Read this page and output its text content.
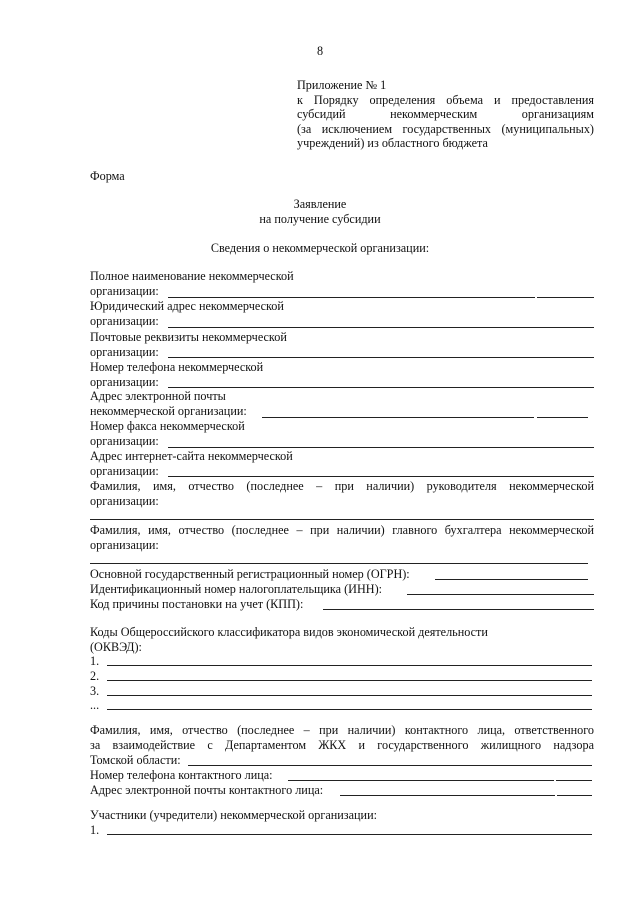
8
Приложение № 1
к Порядку определения объема и предоставления
субсидий некоммерческим организациям
(за исключением государственных (муниципальных)
учреждений) из областного бюджета
Форма
Заявление
на получение субсидии
Сведения о некоммерческой организации:
Полное наименование некоммерческой
организации:
Юридический адрес некоммерческой
организации:
Почтовые реквизиты некоммерческой
организации:
Номер телефона некоммерческой
организации:
Адрес электронной почты
некоммерческой организации:
Номер факса некоммерческой
организации:
Адрес интернет-сайта некоммерческой
организации:
Фамилия, имя, отчество (последнее – при наличии) руководителя некоммерческой
организации:
Фамилия, имя, отчество (последнее – при наличии) главного бухгалтера некоммерческой
организации:
Основной государственный регистрационный номер (ОГРН):
Идентификационный номер налогоплательщика (ИНН):
Код причины постановки на учет (КПП):
Коды Общероссийского классификатора видов экономической деятельности
(ОКВЭД):
1.
2.
3.
...
Фамилия, имя, отчество (последнее – при наличии) контактного лица, ответственного
за взаимодействие с Департаментом ЖКХ и государственного жилищного надзора
Томской области:
Номер телефона контактного лица:
Адрес электронной почты контактного лица:
Участники (учредители) некоммерческой организации:
1.
